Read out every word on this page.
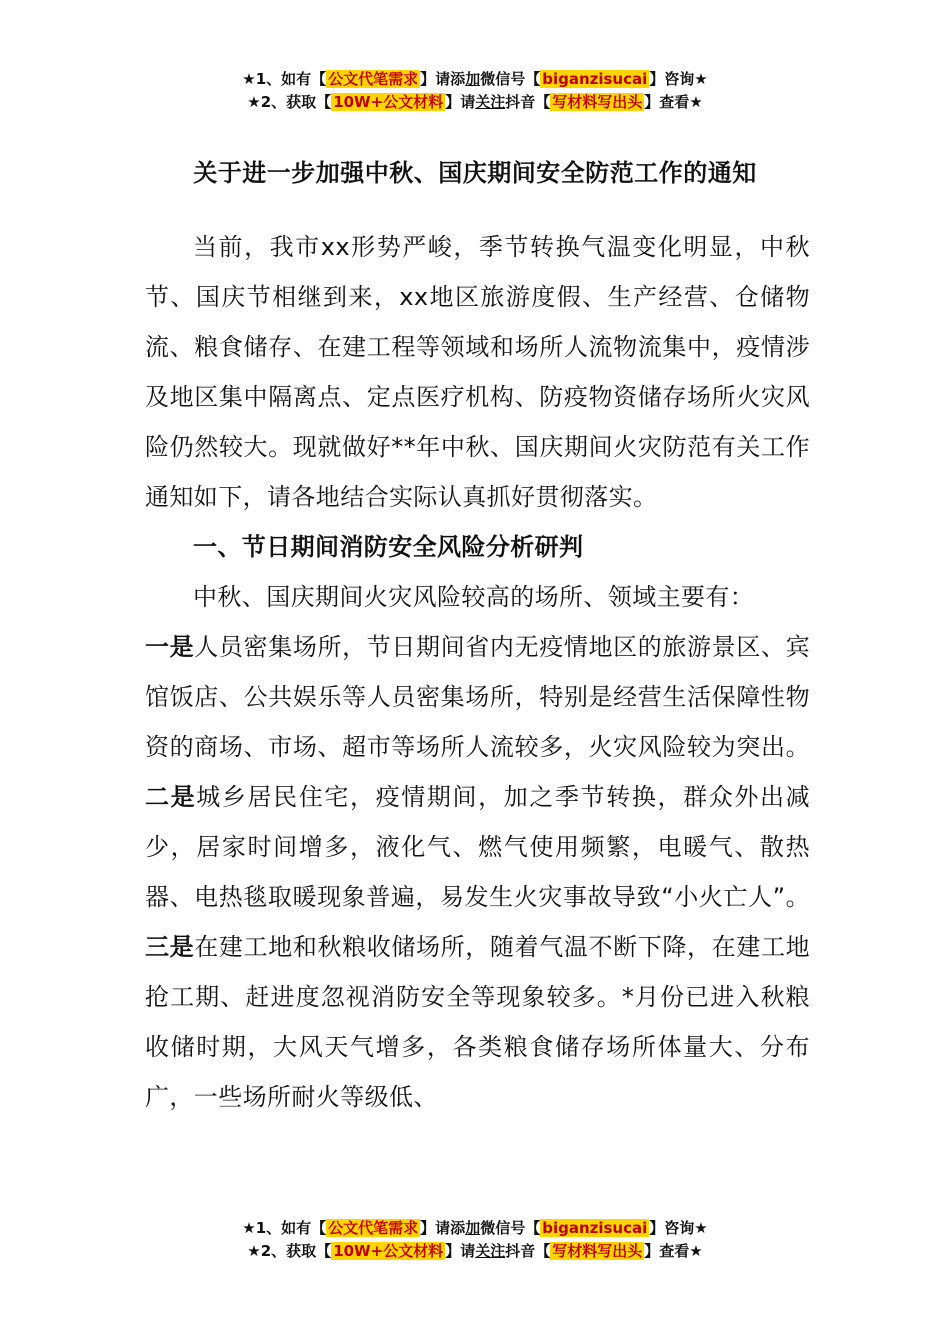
★1、如有【 公文代笔需求 】请添加微信号【 biganzisucai 】咨询★
★2、获取【 10W+公文材料 】请关注抖音【 写材料写出头 】查看★
关于进一步加强中秋、国庆期间安全防范工作的通知

当前，我市xx形势严峻，季节转换气温变化明显，中秋节、国庆节相继到来，xx地区旅游度假、生产经营、仓储物流、粮食储存、在建工程等领域和场所人流物流集中，疫情涉及地区集中隔离点、定点医疗机构、防疫物资储存场所火灾风险仍然较大。现就做好**年中秋、国庆期间火灾防范有关工作通知如下，请各地结合实际认真抓好贯彻落实。

一、节日期间消防安全风险分析研判

中秋、国庆期间火灾风险较高的场所、领域主要有：

一是人员密集场所，节日期间省内无疫情地区的旅游景区、宾馆饭店、公共娱乐等人员密集场所，特别是经营生活保障性物资的商场、市场、超市等场所人流较多，火灾风险较为突出。二是城乡居民住宅，疫情期间，加之季节转换，群众外出减少，居家时间增多，液化气、燃气使用频繁，电暖气、散热器、电热毯取暖现象普遍，易发生火灾事故导致“小火亡人”。三是在建工地和秋粮收储场所，随着气温不断下降，在建工地抢工期、赶进度忽视消防安全等现象较多。*月份已进入秋粮收储时期，大风天气增多，各类粮食储存场所体量大、分布广，一些场所耐火等级低、

★1、如有【 公文代笔需求 】请添加微信号【 biganzisucai 】咨询★
★2、获取【 10W+公文材料 】请关注抖音【 写材料写出头 】查看★
